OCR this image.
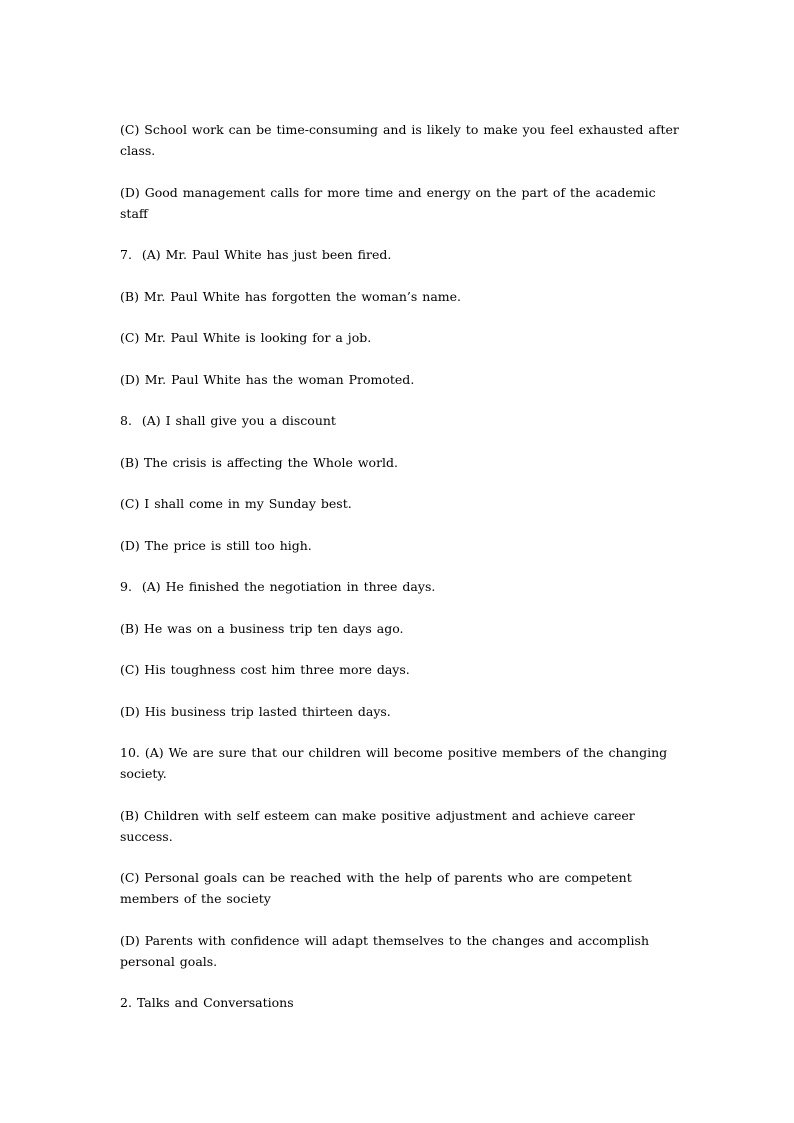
(C) School work can be time-consuming and is likely to make you feel exhausted after class.

(D) Good management calls for more time and energy on the part of the academic staff

7.  (A) Mr. Paul White has just been fired.

(B) Mr. Paul White has forgotten the woman’s name.

(C) Mr. Paul White is looking for a job.

(D) Mr. Paul White has the woman Promoted.

8.  (A) I shall give you a discount

(B) The crisis is affecting the Whole world.

(C) I shall come in my Sunday best.

(D) The price is still too high.

9.  (A) He finished the negotiation in three days.

(B) He was on a business trip ten days ago.

(C) His toughness cost him three more days.

(D) His business trip lasted thirteen days.

10. (A) We are sure that our children will become positive members of the changing society.

(B) Children with self esteem can make positive adjustment and achieve career success.

(C) Personal goals can be reached with the help of parents who are competent members of the society

(D) Parents with confidence will adapt themselves to the changes and accomplish personal goals.

2. Talks and Conversations
